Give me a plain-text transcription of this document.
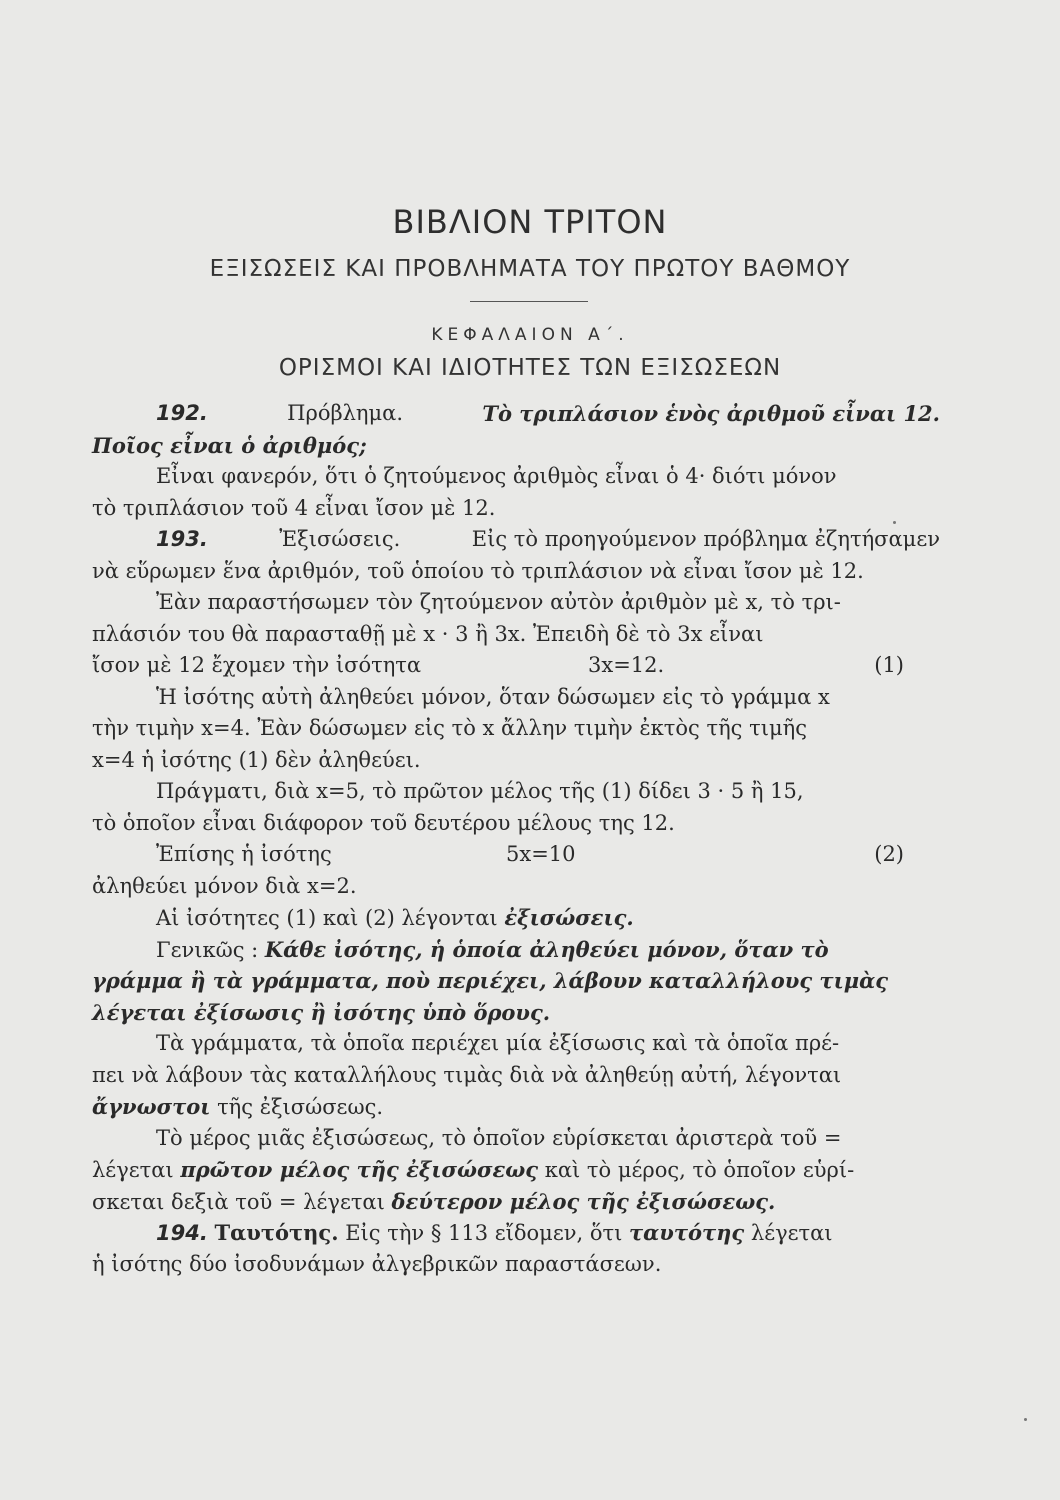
ΒΙΒΛΙΟΝ ΤΡΙΤΟΝ
ΕΞΙΣΩΣΕΙΣ ΚΑΙ ΠΡΟΒΛΗΜΑΤΑ ΤΟΥ ΠΡΩΤΟΥ ΒΑΘΜΟΥ
ΚΕΦΑΛΑΙΟΝ Α΄.
ΟΡΙΣΜΟΙ ΚΑΙ ΙΔΙΟΤΗΤΕΣ ΤΩΝ ΕΞΙΣΩΣΕΩΝ
192.	Πρόβλημα.	Τὸ τριπλάσιον ἑνὸς ἀριθμοῦ εἶναι 12.
Ποῖος εἶναι ὁ ἀριθμός;
Εἶναι φανερόν, ὅτι ὁ ζητούμενος ἀριθμὸς εἶναι ὁ 4· διότι μόνον
τὸ τριπλάσιον τοῦ 4 εἶναι ἴσον μὲ 12.
193.	Ἐξισώσεις.	Εἰς τὸ προηγούμενον πρόβλημα ἐζητήσαμεν
νὰ εὕρωμεν ἕνα ἀριθμόν, τοῦ ὁποίου τὸ τριπλάσιον νὰ εἶναι ἴσον μὲ 12.
Ἐὰν παραστήσωμεν τὸν ζητούμενον αὐτὸν ἀριθμὸν μὲ x, τὸ τρι-
πλάσιόν του θὰ παρασταθῇ μὲ x · 3 ἢ 3x. Ἐπειδὴ δὲ τὸ 3x εἶναι
ἴσον μὲ 12 ἔχομεν τὴν ἰσότητα	3x=12.	(1)
Ἡ ἰσότης αὐτὴ ἀληθεύει μόνον, ὅταν δώσωμεν εἰς τὸ γράμμα x
τὴν τιμὴν x=4. Ἐὰν δώσωμεν εἰς τὸ x ἄλλην τιμὴν ἐκτὸς τῆς τιμῆς
x=4 ἡ ἰσότης (1) δὲν ἀληθεύει.
Πράγματι, διὰ x=5, τὸ πρῶτον μέλος τῆς (1) δίδει 3 · 5 ἢ 15,
τὸ ὁποῖον εἶναι διάφορον τοῦ δευτέρου μέλους της 12.
Ἐπίσης ἡ ἰσότης	5x=10	(2)
ἀληθεύει μόνον διὰ x=2.
Αἱ ἰσότητες (1) καὶ (2) λέγονται ἐξισώσεις.
Γενικῶς : Κάθε ἰσότης, ἡ ὁποία ἀληθεύει μόνον, ὅταν τὸ
γράμμα ἢ τὰ γράμματα, ποὺ περιέχει, λάβουν καταλλήλους τιμὰς
λέγεται ἐξίσωσις ἢ ἰσότης ὑπὸ ὅρους.
Τὰ γράμματα, τὰ ὁποῖα περιέχει μία ἐξίσωσις καὶ τὰ ὁποῖα πρέ-
πει νὰ λάβουν τὰς καταλλήλους τιμὰς διὰ νὰ ἀληθεύῃ αὐτή, λέγονται
ἄγνωστοι τῆς ἐξισώσεως.
Τὸ μέρος μιᾶς ἐξισώσεως, τὸ ὁποῖον εὑρίσκεται ἀριστερὰ τοῦ =
λέγεται πρῶτον μέλος τῆς ἐξισώσεως καὶ τὸ μέρος, τὸ ὁποῖον εὑρί-
σκεται δεξιὰ τοῦ = λέγεται δεύτερον μέλος τῆς ἐξισώσεως.
194. Ταυτότης. Εἰς τὴν § 113 εἴδομεν, ὅτι ταυτότης λέγεται
ἡ ἰσότης δύο ἰσοδυνάμων ἀλγεβρικῶν παραστάσεων.
